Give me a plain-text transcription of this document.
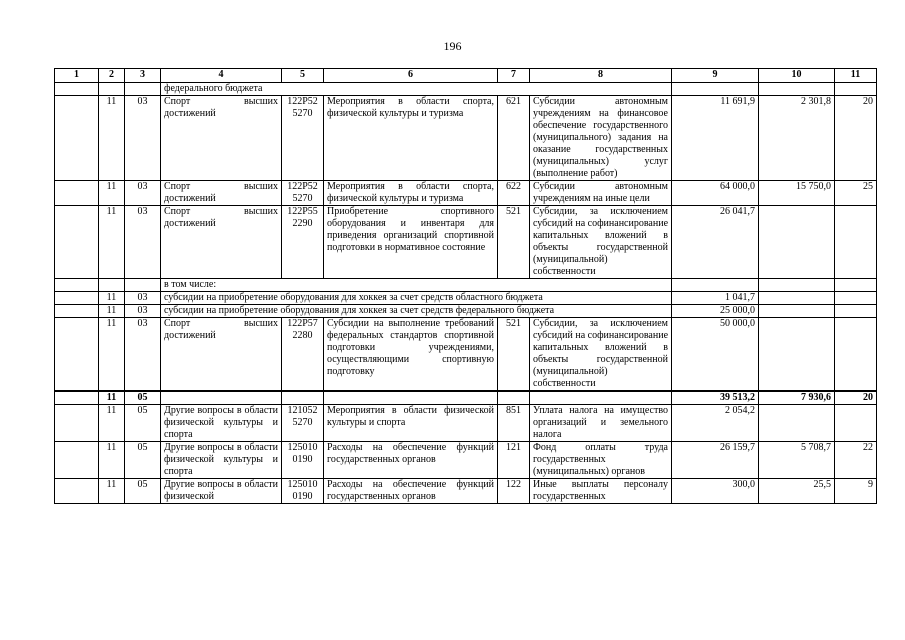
196
1	2	3	4	5	6	7	8	9	10	11
			федерального бюджета							
	11	03	Спорт высших достижений	122Р52 5270	Мероприятия в области спорта, физической культуры и туризма	621	Субсидии автономным учреждениям на финансовое обеспечение государственного (муниципального) задания на оказание государственных (муниципальных) услуг (выполнение работ)	11 691,9	2 301,8	20
	11	03	Спорт высших достижений	122Р52 5270	Мероприятия в области спорта, физической культуры и туризма	622	Субсидии автономным учреждениям на иные цели	64 000,0	15 750,0	25
	11	03	Спорт высших достижений	122Р55 2290	Приобретение спортивного оборудования и инвентаря для приведения организаций спортивной подготовки в нормативное состояние	521	Субсидии, за исключением субсидий на софинансирование капитальных вложений в объекты государственной (муниципальной) собственности	26 041,7		
			в том числе:							
	11	03	субсидии на приобретение оборудования для хоккея за счет средств областного бюджета					1 041,7		
	11	03	субсидии на приобретение оборудования для хоккея за счет средств федерального бюджета					25 000,0		
	11	03	Спорт высших достижений	122Р57 2280	Субсидии на выполнение требований федеральных стандартов спортивной подготовки учреждениями, осуществляющими спортивную подготовку	521	Субсидии, за исключением субсидий на софинансирование капитальных вложений в объекты государственной (муниципальной) собственности	50 000,0		
	11	05						39 513,2	7 930,6	20
	11	05	Другие вопросы в области физической культуры и спорта	121052 5270	Мероприятия в области физической культуры и спорта	851	Уплата налога на имущество организаций и земельного налога	2 054,2		
	11	05	Другие вопросы в области физической культуры и спорта	125010 0190	Расходы на обеспечение функций государственных органов	121	Фонд оплаты труда государственных (муниципальных) органов	26 159,7	5 708,7	22
	11	05	Другие вопросы в области физической	125010 0190	Расходы на обеспечение функций государственных органов	122	Иные выплаты персоналу государственных	300,0	25,5	9
